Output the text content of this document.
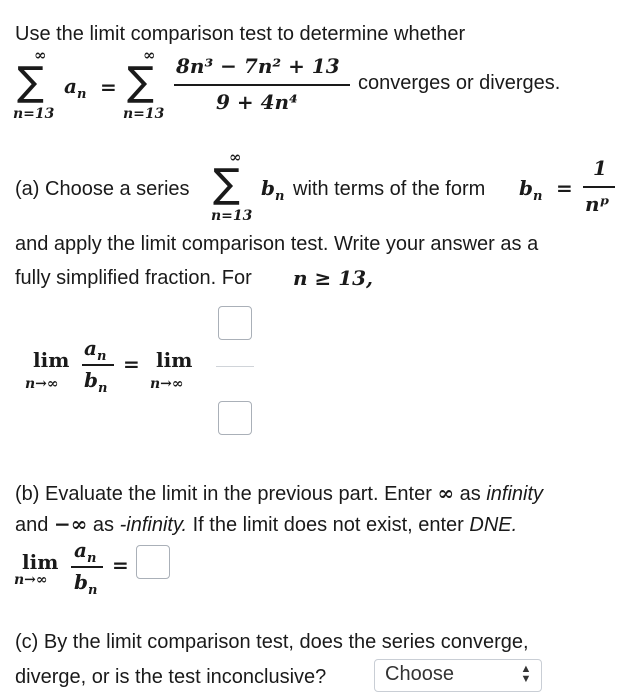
Use the limit comparison test to determine whether
∑
∞
n=13
$a_n$ = ∑
∞
n=13
8n³ − 7n² + 13
9 + 4n⁴
converges or diverges.
(a) Choose a series ∑
∞
n=13
$b_n$ with terms of the form $b_n$ =
1
nᵖ
and apply the limit comparison test. Write your answer as a
fully simplified fraction. For n ≥ 13,
lim
n→∞
$a_n$
$b_n$
= lim
n→∞
(b) Evaluate the limit in the previous part. Enter ∞ as infinity
and −∞ as -infinity. If the limit does not exist, enter DNE.
lim
n→∞
$a_n$
$b_n$
=
(c) By the limit comparison test, does the series converge,
diverge, or is the test inconclusive?	Choose	▲
▼
